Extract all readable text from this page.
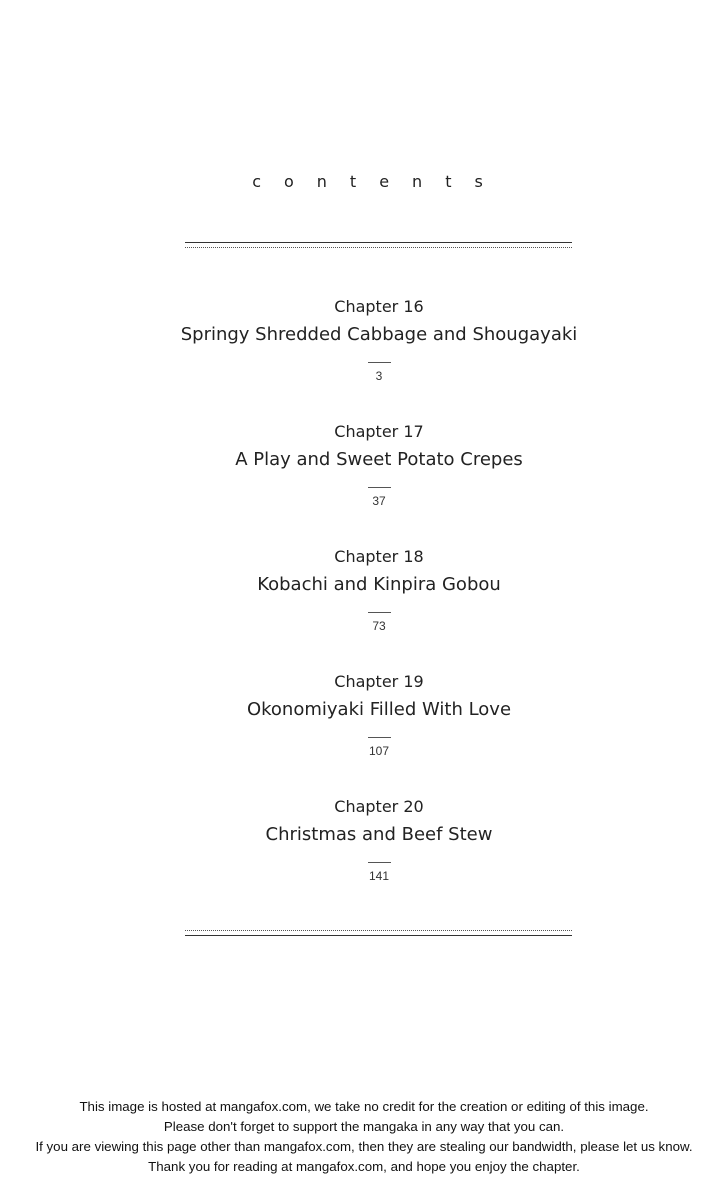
contents
Chapter 16
Springy Shredded Cabbage and Shougayaki
3
Chapter 17
A Play and Sweet Potato Crepes
37
Chapter 18
Kobachi and Kinpira Gobou
73
Chapter 19
Okonomiyaki Filled With Love
107
Chapter 20
Christmas and Beef Stew
141
This image is hosted at mangafox.com, we take no credit for the creation or editing of this image.
Please don't forget to support the mangaka in any way that you can.
If you are viewing this page other than mangafox.com, then they are stealing our bandwidth, please let us know.
Thank you for reading at mangafox.com, and hope you enjoy the chapter.
